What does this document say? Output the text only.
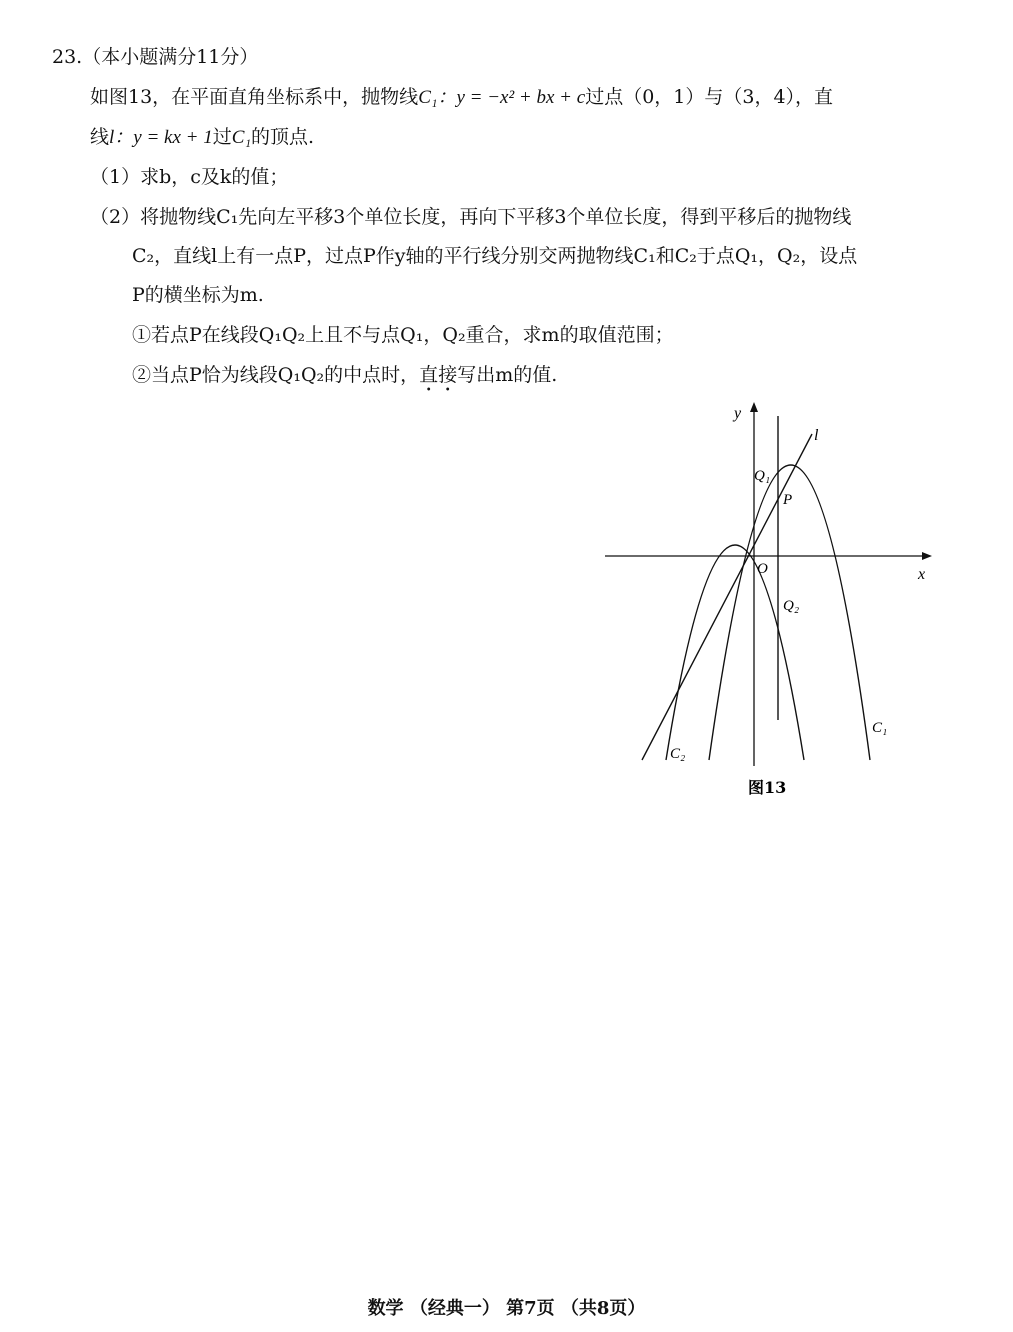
23.（本小题满分11分）
如图13，在平面直角坐标系中，抛物线C₁：y = −x² + bx + c过点（0，1）与（3，4），直
线l：y = kx + 1过C₁的顶点.
（1）求b，c及k的值；
（2）将抛物线C₁先向左平移3个单位长度，再向下平移3个单位长度，得到平移后的抛物线
C₂，直线l上有一点P，过点P作y轴的平行线分别交两抛物线C₁和C₂于点Q₁，Q₂，设点
P的横坐标为m.
①若点P在线段Q₁Q₂上且不与点Q₁，Q₂重合，求m的取值范围；
②当点P恰为线段Q₁Q₂的中点时，直接写出m的值.
y
x
O
l
Q₁
P
Q₂
C₁
C₂
图13
数学 （经典一） 第7页 （共8页）
